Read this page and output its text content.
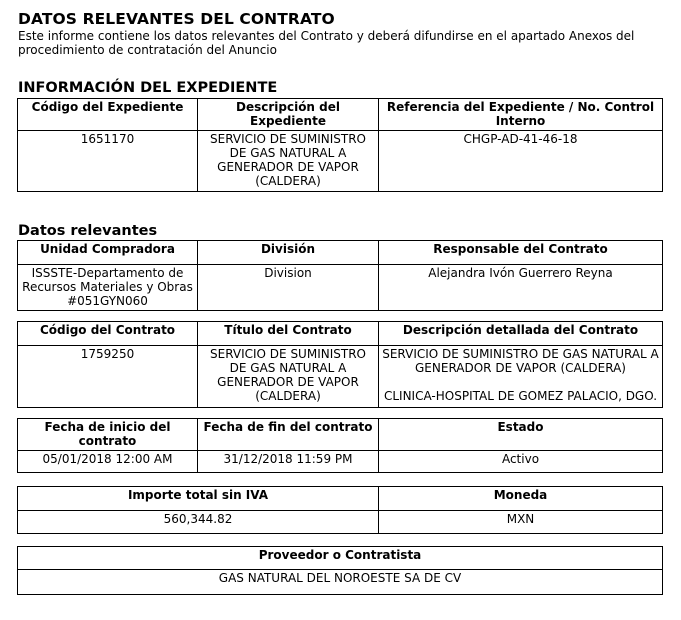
DATOS RELEVANTES DEL CONTRATO
Este informe contiene los datos relevantes del Contrato y deberá difundirse en el apartado Anexos del procedimiento de contratación del Anuncio
INFORMACIÓN DEL EXPEDIENTE
Código del Expediente	Descripción del Expediente	Referencia del Expediente / No. Control Interno
1651170	SERVICIO DE SUMINISTRO DE GAS NATURAL A GENERADOR DE VAPOR (CALDERA)	CHGP-AD-41-46-18
Datos relevantes
Unidad Compradora	División	Responsable del Contrato
ISSSTE-Departamento de Recursos Materiales y Obras #051GYN060	Division	Alejandra Ivón Guerrero Reyna
Código del Contrato	Título del Contrato	Descripción detallada del Contrato
1759250	SERVICIO DE SUMINISTRO DE GAS NATURAL A GENERADOR DE VAPOR (CALDERA)	SERVICIO DE SUMINISTRO DE GAS NATURAL A GENERADOR DE VAPOR (CALDERA)
CLINICA-HOSPITAL DE GOMEZ PALACIO, DGO.
Fecha de inicio del contrato	Fecha de fin del contrato	Estado
05/01/2018 12:00 AM	31/12/2018 11:59 PM	Activo
Importe total sin IVA	Moneda
560,344.82	MXN
Proveedor o Contratista
GAS NATURAL DEL NOROESTE SA DE CV
